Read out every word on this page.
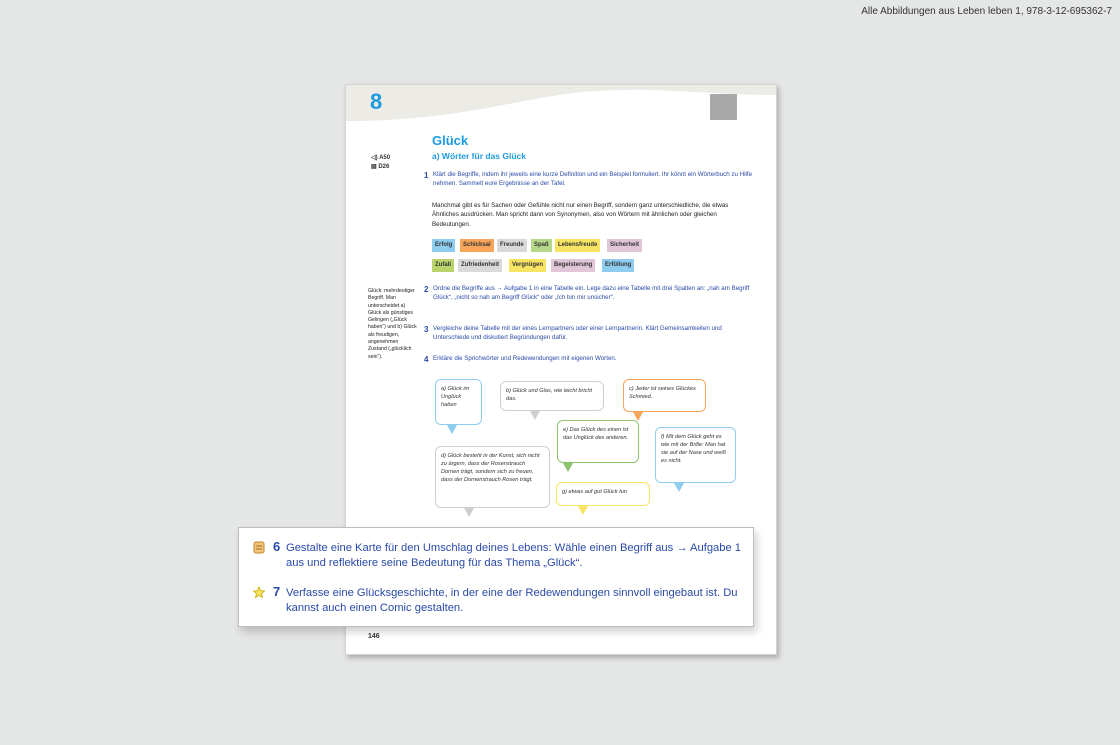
Alle Abbildungen aus Leben leben 1, 978-3-12-695362-7
8
Glück
a) Wörter für das Glück
◁) A50
▤ D26
1 Klärt die Begriffe, indem ihr jeweils eine kurze Definition und ein Beispiel formuliert. Ihr könnt ein Wörterbuch zu Hilfe nehmen. Sammelt eure Ergebnisse an der Tafel.
Manchmal gibt es für Sachen oder Gefühle nicht nur einen Begriff, sondern ganz unterschiedliche, die etwas Ähnliches ausdrücken. Man spricht dann von Synonymen, also von Wörtern mit ähnlichen oder gleichen Bedeutungen.
Erfolg	Schicksal	Freunde	Spaß	Lebensfreude	Sicherheit
Zufall	Zufriedenheit	Vergnügen	Begeisterung	Erfüllung
Glück: mehrdeutiger Begriff. Man unterscheidet a) Glück als günstiges Gelingen („Glück haben“) und b) Glück als freudigen, angenehmen Zustand („glücklich sein“).
2 Ordne die Begriffe aus → Aufgabe 1 in eine Tabelle ein. Lege dazu eine Tabelle mit drei Spalten an: „nah am Begriff Glück“, „nicht so nah am Begriff Glück“ oder „Ich bin mir unsicher“.
3 Vergleiche deine Tabelle mit der eines Lernpartners oder einer Lernpartnerin. Klärt Gemeinsamkeiten und Unterschiede und diskutiert Begründungen dafür.
4 Erkläre die Sprichwörter und Redewendungen mit eigenen Worten.
a) Glück im Unglück haben
b) Glück und Glas, wie leicht bricht das.
c) Jeder ist seines Glückes Schmied.
e) Das Glück des einen ist das Unglück des anderen.	f) Mit dem Glück geht es wie mit der Brille: Man hat sie auf der Nase und weiß es nicht.
d) Glück besteht in der Kunst, sich nicht zu ärgern, dass der Rosenstrauch Dornen trägt, sondern sich zu freuen, dass der Dornenstrauch Rosen trägt.
g) etwas auf gut Glück tun
146
6 Gestalte eine Karte für den Umschlag deines Lebens: Wähle einen Begriff aus → Aufgabe 1 aus und reflektiere seine Bedeutung für das Thema „Glück“.
7 Verfasse eine Glücksgeschichte, in der eine der Redewendungen sinnvoll eingebaut ist. Du kannst auch einen Comic gestalten.
